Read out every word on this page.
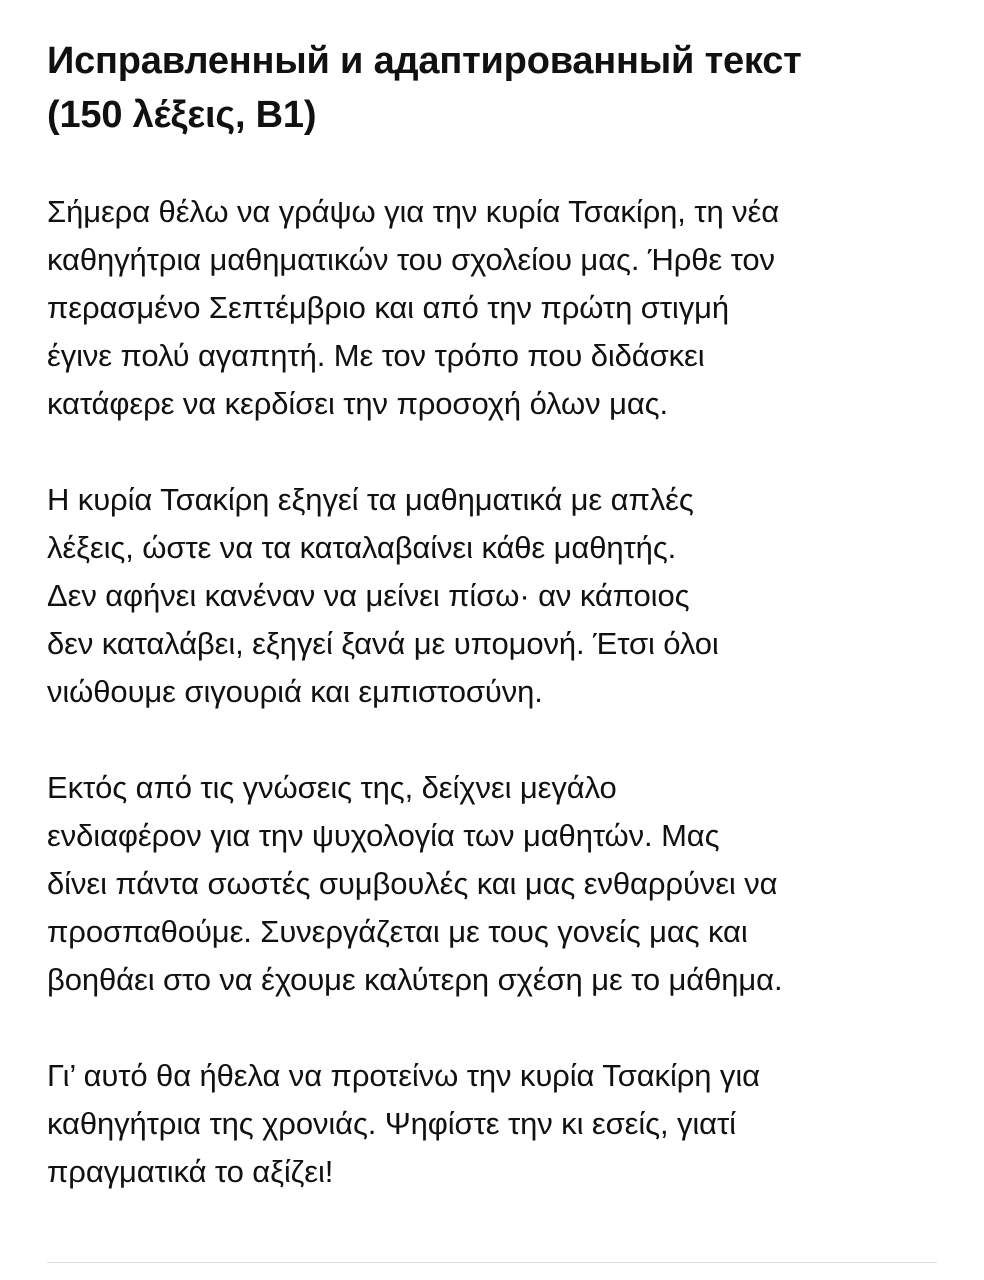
Исправленный и адаптированный текст
(150 λέξεις, B1)

Σήμερα θέλω να γράψω για την κυρία Τσακίρη, τη νέα
καθηγήτρια μαθηματικών του σχολείου μας. Ήρθε τον
περασμένο Σεπτέμβριο και από την πρώτη στιγμή
έγινε πολύ αγαπητή. Με τον τρόπο που διδάσκει
κατάφερε να κερδίσει την προσοχή όλων μας.

Η κυρία Τσακίρη εξηγεί τα μαθηματικά με απλές
λέξεις, ώστε να τα καταλαβαίνει κάθε μαθητής.
Δεν αφήνει κανέναν να μείνει πίσω· αν κάποιος
δεν καταλάβει, εξηγεί ξανά με υπομονή. Έτσι όλοι
νιώθουμε σιγουριά και εμπιστοσύνη.

Εκτός από τις γνώσεις της, δείχνει μεγάλο
ενδιαφέρον για την ψυχολογία των μαθητών. Μας
δίνει πάντα σωστές συμβουλές και μας ενθαρρύνει να
προσπαθούμε. Συνεργάζεται με τους γονείς μας και
βοηθάει στο να έχουμε καλύτερη σχέση με το μάθημα.

Γι’ αυτό θα ήθελα να προτείνω την κυρία Τσακίρη για
καθηγήτρια της χρονιάς. Ψηφίστε την κι εσείς, γιατί
πραγματικά το αξίζει!
